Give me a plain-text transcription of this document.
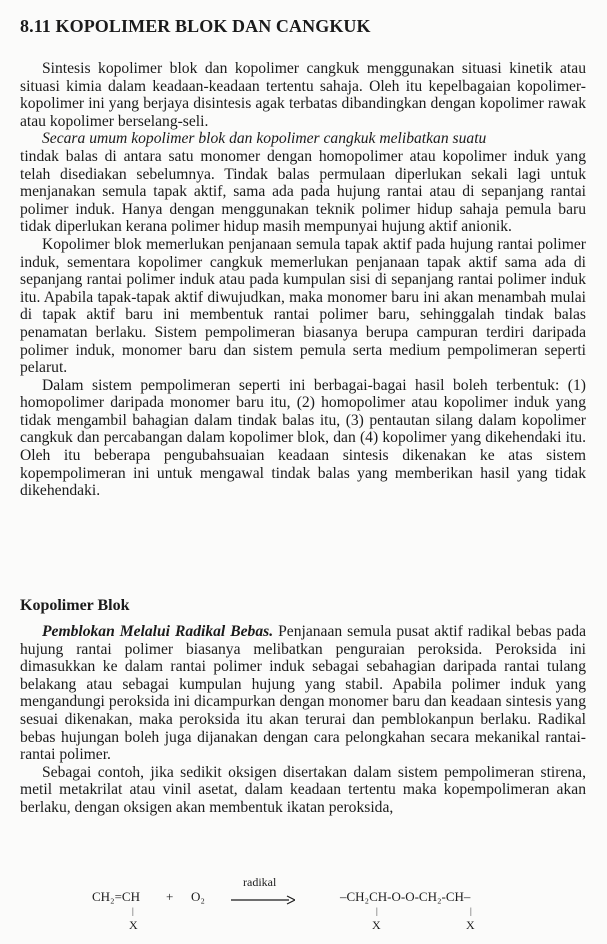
8.11 KOPOLIMER BLOK DAN CANGKUK

Sintesis kopolimer blok dan kopolimer cangkuk menggunakan situasi kinetik atau situasi kimia dalam keadaan-keadaan tertentu sahaja. Oleh itu kepelbagaian kopolimer-kopolimer ini yang berjaya disintesis agak terbatas dibandingkan dengan kopolimer rawak atau kopolimer berselang-seli.

Secara umum kopolimer blok dan kopolimer cangkuk melibatkan suatu

tindak balas di antara satu monomer dengan homopolimer atau kopolimer induk yang telah disediakan sebelumnya. Tindak balas permulaan diperlukan sekali lagi untuk menjanakan semula tapak aktif, sama ada pada hujung rantai atau di sepanjang rantai polimer induk. Hanya dengan menggunakan teknik polimer hidup sahaja pemula baru tidak diperlukan kerana polimer hidup masih mempunyai hujung aktif anionik.

Kopolimer blok memerlukan penjanaan semula tapak aktif pada hujung rantai polimer induk, sementara kopolimer cangkuk memerlukan penjanaan tapak aktif sama ada di sepanjang rantai polimer induk atau pada kumpulan sisi di sepanjang rantai polimer induk itu. Apabila tapak-tapak aktif diwujudkan, maka monomer baru ini akan menambah mulai di tapak aktif baru ini membentuk rantai polimer baru, sehinggalah tindak balas penamatan berlaku. Sistem pempolimeran biasanya berupa campuran terdiri daripada polimer induk, monomer baru dan sistem pemula serta medium pempolimeran seperti pelarut.

Dalam sistem pempolimeran seperti ini berbagai-bagai hasil boleh terbentuk: (1) homopolimer daripada monomer baru itu, (2) homopolimer atau kopolimer induk yang tidak mengambil bahagian dalam tindak balas itu, (3) pentautan silang dalam kopolimer cangkuk dan percabangan dalam kopolimer blok, dan (4) kopolimer yang dikehendaki itu. Oleh itu beberapa pengubahsuaian keadaan sintesis dikenakan ke atas sistem kopempolimeran ini untuk mengawal tindak balas yang memberikan hasil yang tidak dikehendaki.

Kopolimer Blok

Pemblokan Melalui Radikal Bebas. Penjanaan semula pusat aktif radikal bebas pada hujung rantai polimer biasanya melibatkan penguraian peroksida. Peroksida ini dimasukkan ke dalam rantai polimer induk sebagai sebahagian daripada rantai tulang belakang atau sebagai kumpulan hujung yang stabil. Apabila polimer induk yang mengandungi peroksida ini dicampurkan dengan monomer baru dan keadaan sintesis yang sesuai dikenakan, maka peroksida itu akan terurai dan pemblokanpun berlaku. Radikal bebas hujungan boleh juga dijanakan dengan cara pelongkahan secara mekanikal rantai-rantai polimer.

Sebagai contoh, jika sedikit oksigen disertakan dalam sistem pempolimeran stirena, metil metakrilat atau vinil asetat, dalam keadaan tertentu maka kopempolimeran akan berlaku, dengan oksigen akan membentuk ikatan peroksida,

CH₂=CH
|
X
+ O₂
radikal
–CH₂CH-O-O-CH₂-CH–
|
X
|
X
